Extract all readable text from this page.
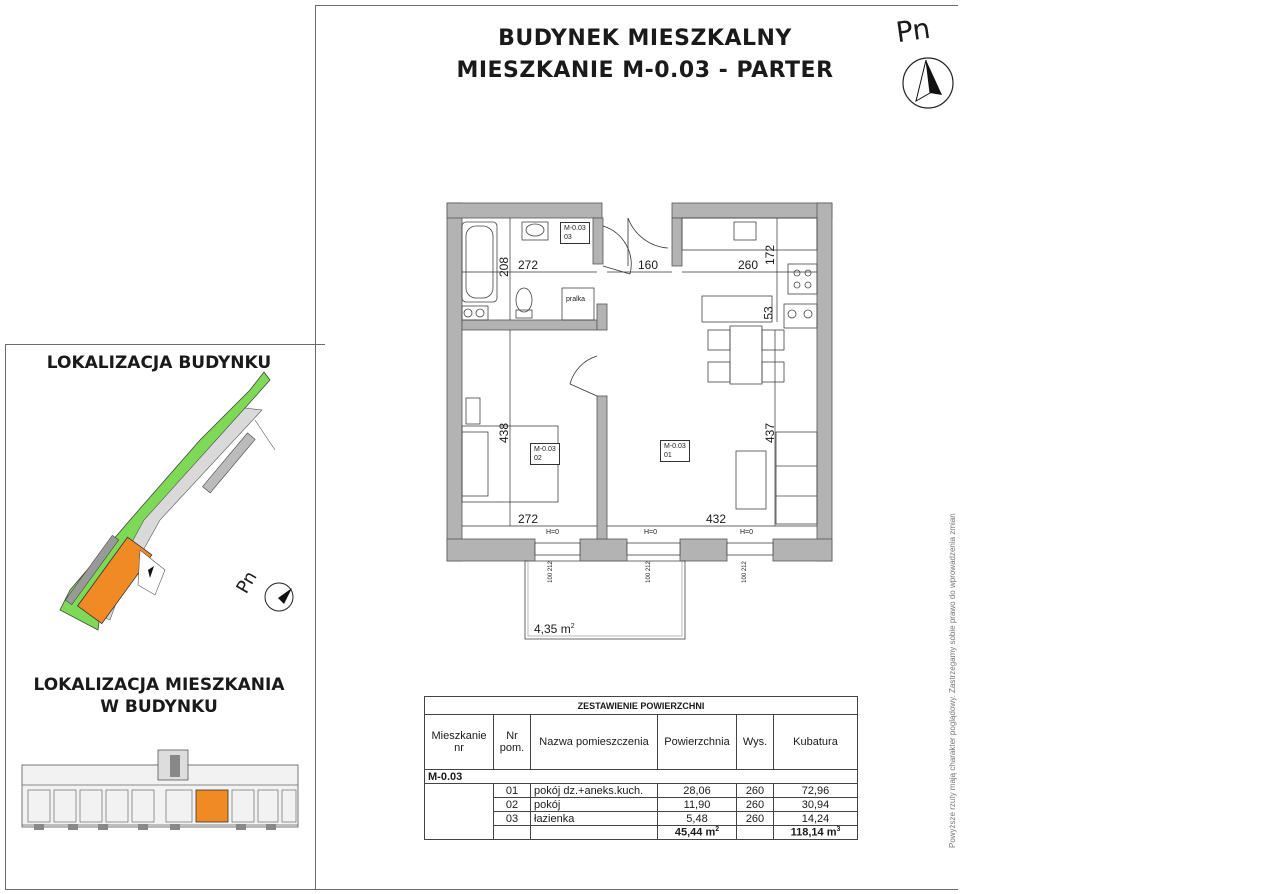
BUDYNEK MIESZKALNY
MIESZKANIE M-0.03 - PARTER
Pn
LOKALIZACJA BUDYNKU
LOKALIZACJA MIESZKANIA
W BUDYNKU
Pn
M-0.03
03
M-0.03
02
M-0.03
01
pralka
272	160	260
208
172
53
438	437
272	432
H=0	H=0	H=0
100 212
100 212
100 212
4,35 $m^2$
ZESTAWIENIE POWIERZCHNI					
Mieszkanie nr	Nr pom.	Nazwa pomieszczenia	Powierzchnia	Wys.	Kubatura
M-0.03					
	01	pokój dz.+aneks.kuch.	28,06	260	72,96
	02	pokój	11,90	260	30,94
	03	łazienka	5,48	260	14,24
			45,44 $m^2$		118,14 $m^3$	Powyższe rzuty mają charakter poglądowy. Zastrzegamy sobie prawo do wprowadzenia zmian
